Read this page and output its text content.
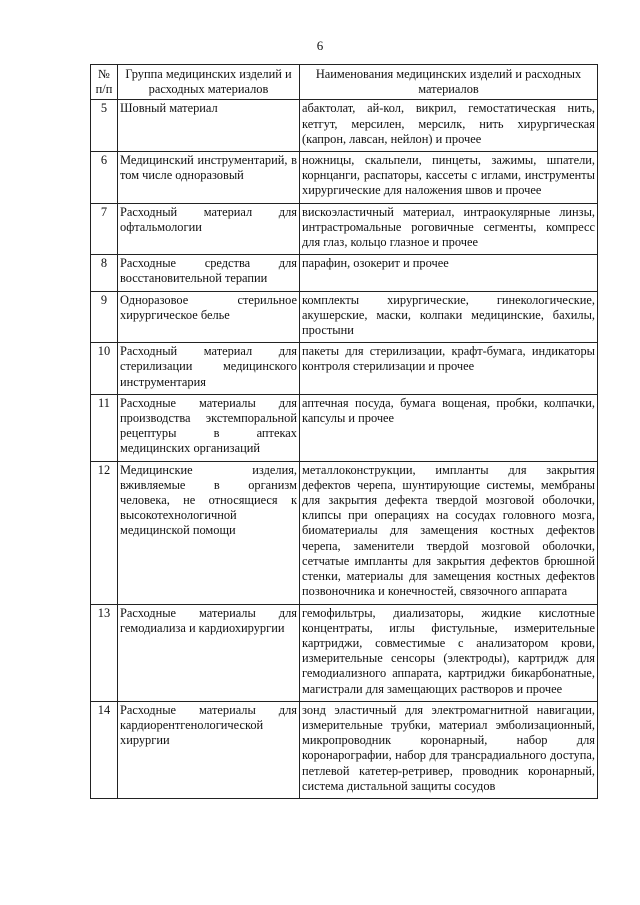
6
№ п/п	Группа медицинских изделий и расходных материалов	Наименования медицинских изделий и расходных материалов
5	Шовный материал	абактолат, ай-кол, викрил, гемостатическая нить, кетгут, мерсилен, мерсилк, нить хирургическая (капрон, лавсан, нейлон) и прочее
6	Медицинский инструментарий, в том числе одноразовый	ножницы, скальпели, пинцеты, зажимы, шпатели, корнцанги, распаторы, кассеты с иглами, инструменты хирургические для наложения швов и прочее
7	Расходный материал для офтальмологии	вискоэластичный материал, интраокулярные линзы, интрастромальные роговичные сегменты, компресс для глаз, кольцо глазное и прочее
8	Расходные средства для восстановительной терапии	парафин, озокерит и прочее
9	Одноразовое стерильное хирургическое белье	комплекты хирургические, гинекологические, акушерские, маски, колпаки медицинские, бахилы, простыни
10	Расходный материал для стерилизации медицинского инструментария	пакеты для стерилизации, крафт-бумага, индикаторы контроля стерилизации и прочее
11	Расходные материалы для производства экстемпоральной рецептуры в аптеках медицинских организаций	аптечная посуда, бумага вощеная, пробки, колпачки, капсулы и прочее
12	Медицинские изделия, вживляемые в организм человека, не относящиеся к высокотехнологичной медицинской помощи	металлоконструкции, импланты для закрытия дефектов черепа, шунтирующие системы, мембраны для закрытия дефекта твердой мозговой оболочки, клипсы при операциях на сосудах головного мозга, биоматериалы для замещения костных дефектов черепа, заменители твердой мозговой оболочки, сетчатые импланты для закрытия дефектов брюшной стенки, материалы для замещения костных дефектов позвоночника и конечностей, связочного аппарата
13	Расходные материалы для гемодиализа и кардиохирургии	гемофильтры, диализаторы, жидкие кислотные концентраты, иглы фистульные, измерительные картриджи, совместимые с анализатором крови, измерительные сенсоры (электроды), картридж для гемодиализного аппарата, картриджи бикарбонатные, магистрали для замещающих растворов и прочее
14	Расходные материалы для кардиорентгенологической хирургии	зонд эластичный для электромагнитной навигации, измерительные трубки, материал эмболизационный, микропроводник коронарный, набор для коронарографии, набор для трансрадиального доступа, петлевой катетер-ретривер, проводник коронарный, система дистальной защиты сосудов
